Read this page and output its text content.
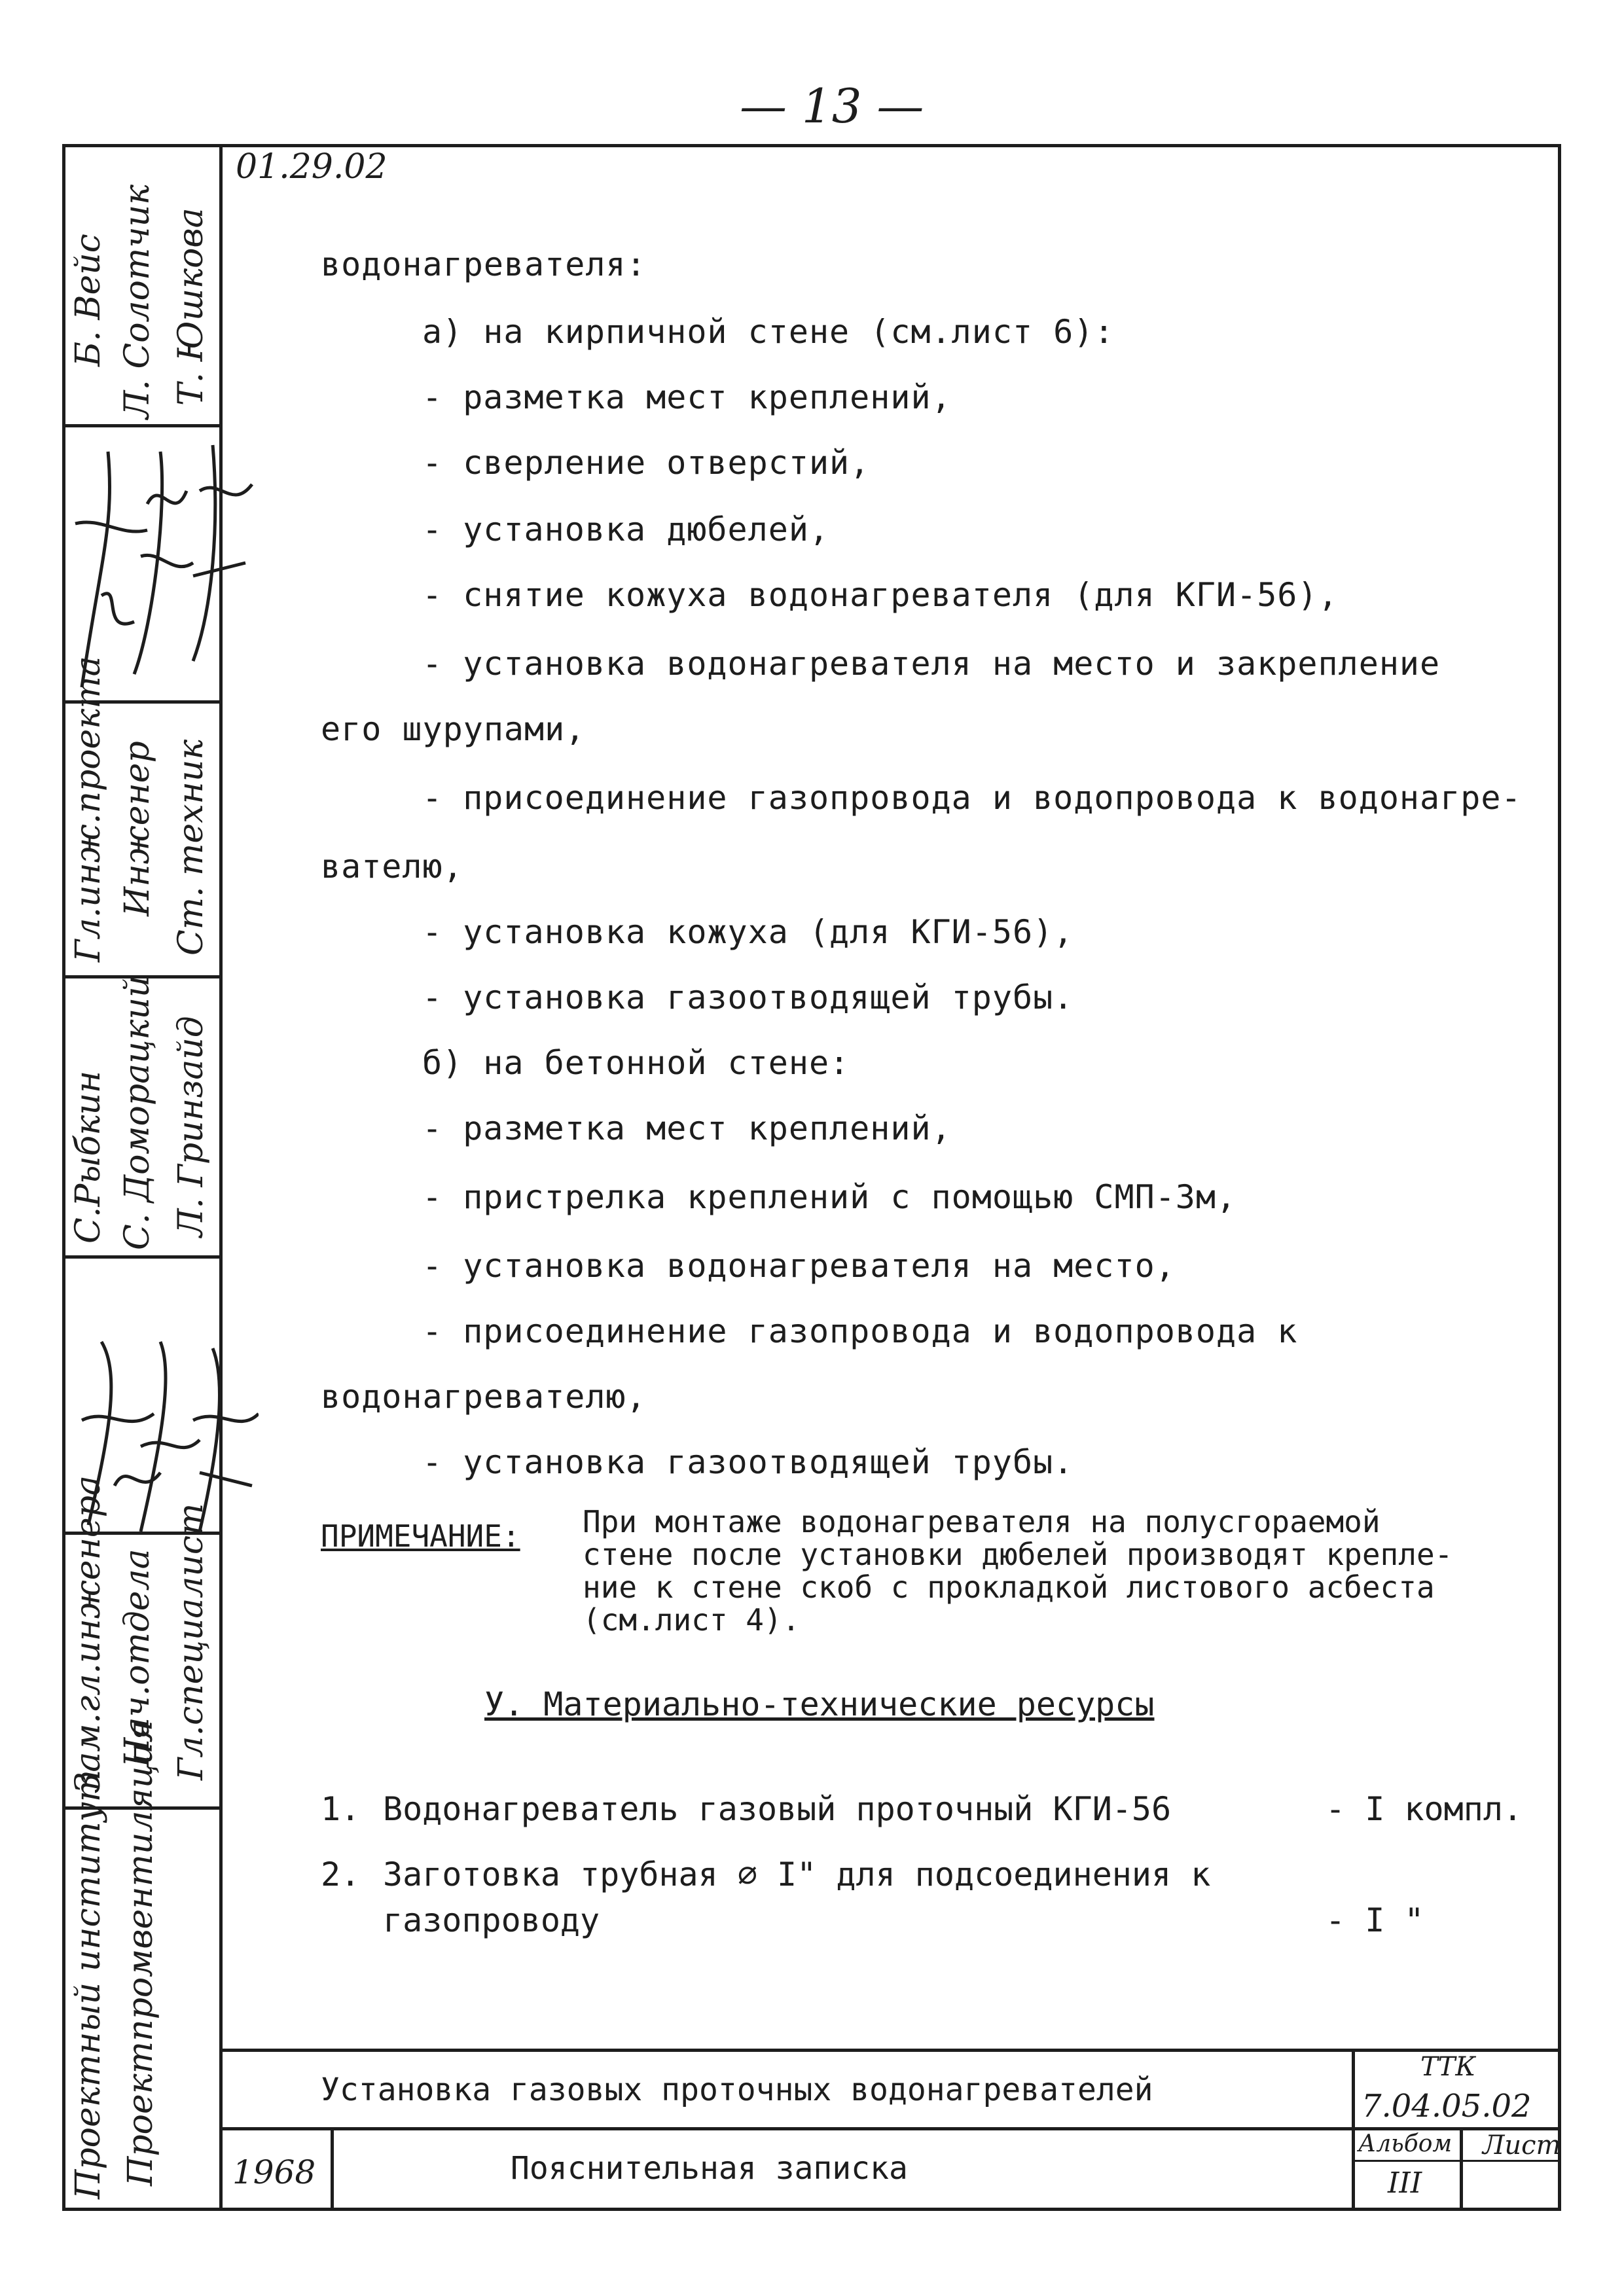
— 13 —
Б. Вейс Л. Солотчик Т. Юшкова
Гл.инж.проекта Инженер Ст. техник
С.Рыбкин С. Доморацкий Л. Гринзайд
Зам.гл.инженера Нач.отдела Гл.специалист
Проектный институт Проектпромвентиляция
01.29.02
водонагревателя:
а) на кирпичной стене (см.лист 6):
- разметка мест креплений,
- сверление отверстий,
- установка дюбелей,
- снятие кожуха водонагревателя (для КГИ-56),
- установка водонагревателя на место и закрепление
его шурупами,
- присоединение газопровода и водопровода к водонагре-
вателю,
- установка кожуха (для КГИ-56),
- установка газоотводящей трубы.
б) на бетонной стене:
- разметка мест креплений,
- пристрелка креплений с помощью СМП-3м,
- установка водонагревателя на место,
- присоединение газопровода и водопровода к
водонагревателю,
- установка газоотводящей трубы.
ПРИМЕЧАНИЕ: При монтаже водонагревателя на полусгораемой
стене после установки дюбелей производят крепле-
ние к стене скоб с прокладкой листового асбеста
(см.лист 4).
У. Материально-технические ресурсы
1. Водонагреватель газовый проточный КГИ-56	- I компл.
2. Заготовка трубная ∅ I" для подсоединения к
газопроводу	- I "
Установка газовых проточных водонагревателей
Пояснительная записка
1968
ТТК
7.04.05.02
Альбом
III
Лист
